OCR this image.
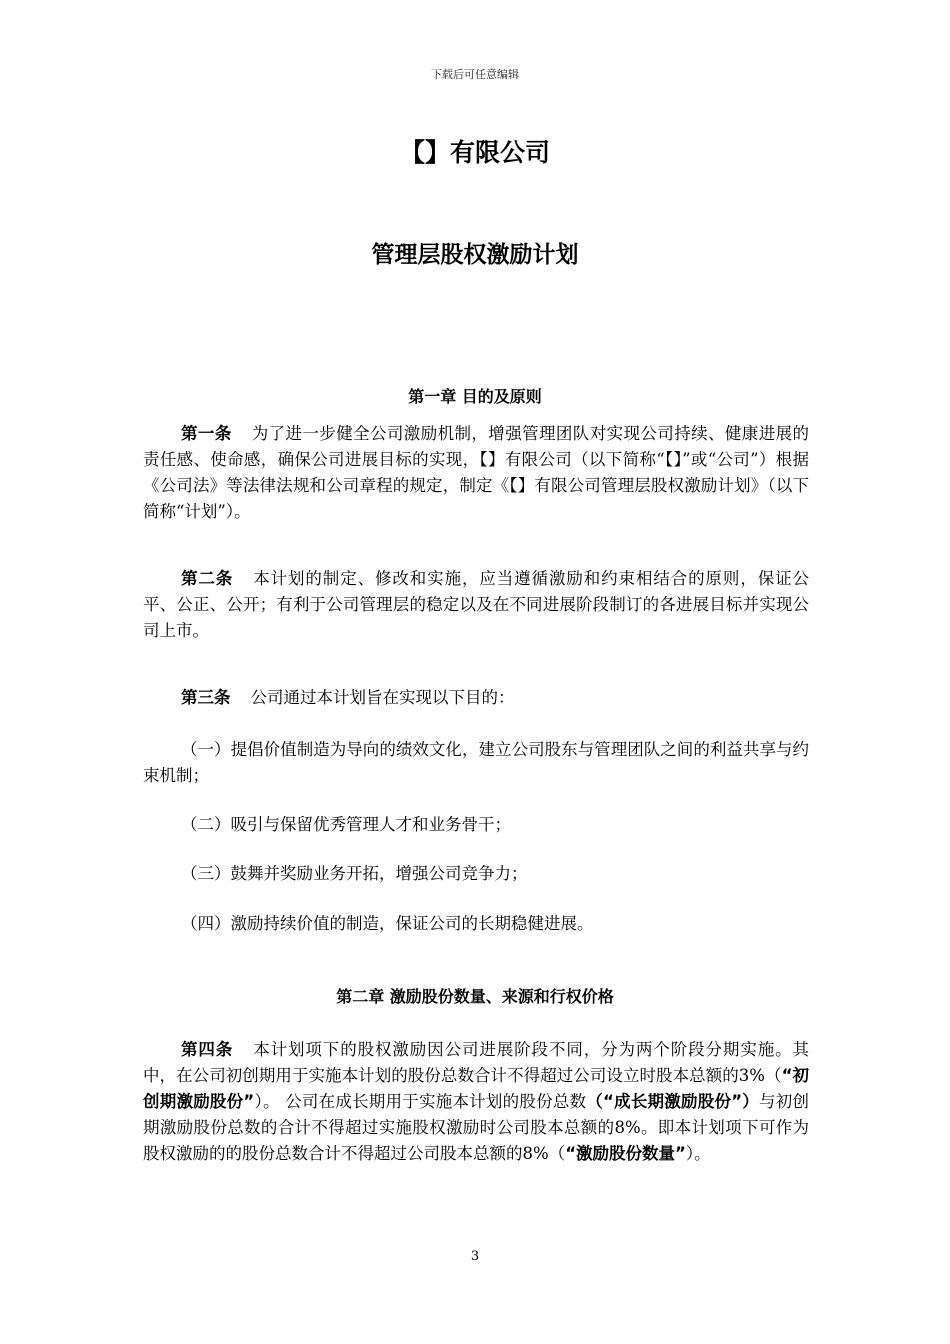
下载后可任意编辑
【】有限公司
管理层股权激励计划
第一章 目的及原则

第一条 为了进一步健全公司激励机制，增强管理团队对实现公司持续、健康进展的责任感、使命感，确保公司进展目标的实现，【】有限公司（以下简称“【】”或“公司”）根据《公司法》等法律法规和公司章程的规定，制定《【】有限公司管理层股权激励计划》（以下简称“计划”）。

第二条 本计划的制定、修改和实施，应当遵循激励和约束相结合的原则，保证公平、公正、公开；有利于公司管理层的稳定以及在不同进展阶段制订的各进展目标并实现公司上市。

第三条 公司通过本计划旨在实现以下目的：

（一）提倡价值制造为导向的绩效文化，建立公司股东与管理团队之间的利益共享与约束机制；

（二）吸引与保留优秀管理人才和业务骨干；

（三）鼓舞并奖励业务开拓，增强公司竞争力；

（四）激励持续价值的制造，保证公司的长期稳健进展。

第二章 激励股份数量、来源和行权价格

第四条 本计划项下的股权激励因公司进展阶段不同，分为两个阶段分期实施。其中，在公司初创期用于实施本计划的股份总数合计不得超过公司设立时股本总额的3%（“初创期激励股份”）。 公司在成长期用于实施本计划的股份总数（“成长期激励股份”）与初创期激励股份总数的合计不得超过实施股权激励时公司股本总额的8%。即本计划项下可作为股权激励的的股份总数合计不得超过公司股本总额的8%（“激励股份数量”）。

3
